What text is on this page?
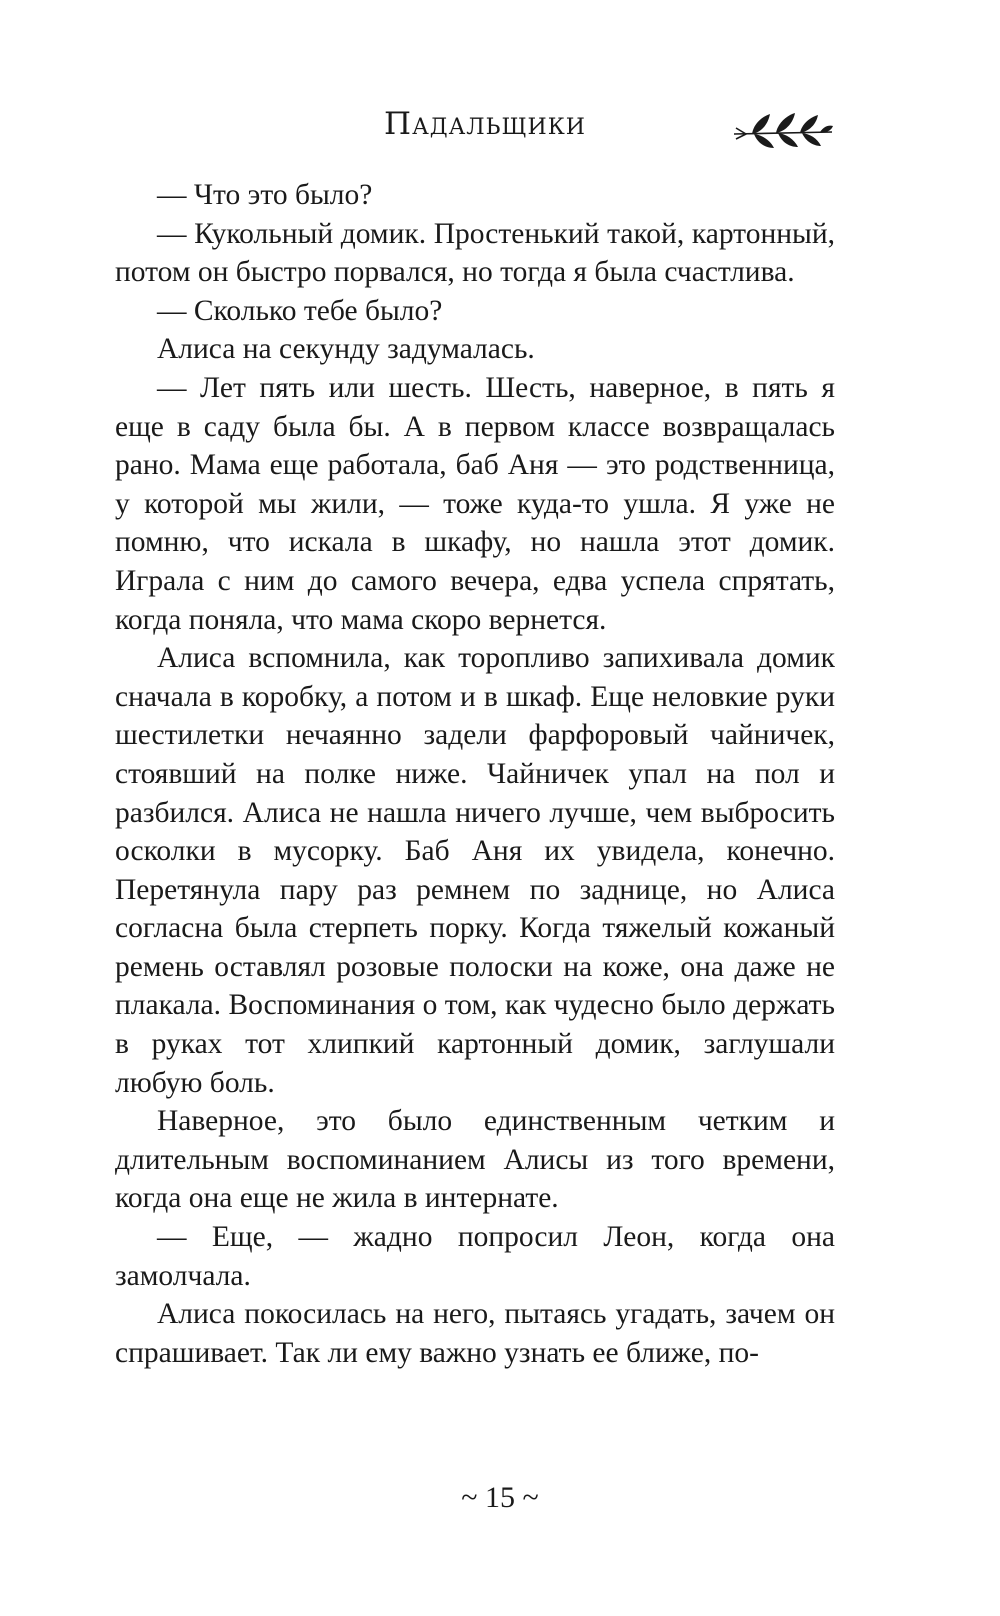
Падальщики

— Что это было?

— Кукольный домик. Простенький такой, картонный, потом он быстро порвался, но тогда я была счастлива.

— Сколько тебе было?

Алиса на секунду задумалась.

— Лет пять или шесть. Шесть, наверное, в пять я еще в саду была бы. А в первом классе возвращалась рано. Мама еще работала, баб Аня — это родственница, у которой мы жили, — тоже куда-то ушла. Я уже не помню, что искала в шкафу, но нашла этот домик. Играла с ним до самого вечера, едва успела спрятать, когда поняла, что мама скоро вернется.

Алиса вспомнила, как торопливо запихивала домик сначала в коробку, а потом и в шкаф. Еще неловкие руки шестилетки нечаянно задели фарфоровый чайничек, стоявший на полке ниже. Чайничек упал на пол и разбился. Алиса не нашла ничего лучше, чем выбросить осколки в мусорку. Баб Аня их увидела, конечно. Перетянула пару раз ремнем по заднице, но Алиса согласна была стерпеть порку. Когда тяжелый кожаный ремень оставлял розовые полоски на коже, она даже не плакала. Воспоминания о том, как чудесно было держать в руках тот хлипкий картонный домик, заглушали любую боль.

Наверное, это было единственным четким и длительным воспоминанием Алисы из того времени, когда она еще не жила в интернате.

— Еще, — жадно попросил Леон, когда она замолчала.

Алиса покосилась на него, пытаясь угадать, зачем он спрашивает. Так ли ему важно узнать ее ближе, по-

~ 15 ~
